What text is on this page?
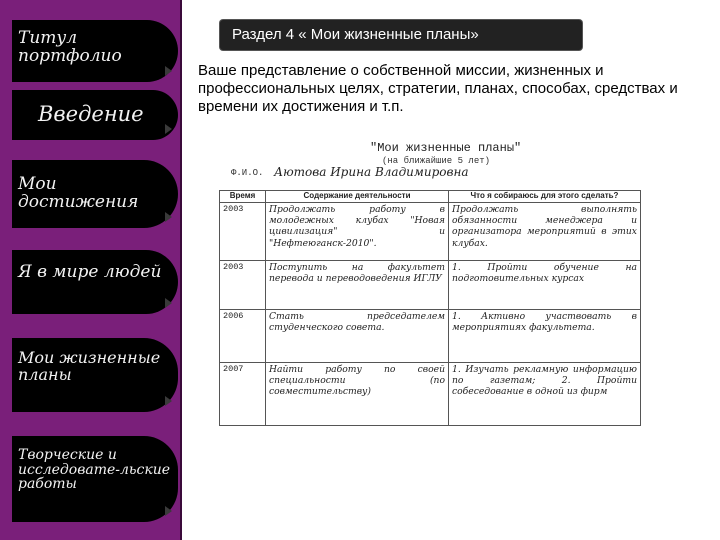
Титул портфолио
Введение
Мои достижения
Я в мире людей
Мои жизненные планы
Творческие и исследовате-льские работы
Раздел 4 « Мои жизненные планы»
Ваше представление о собственной миссии, жизненных и профессиональных целях, стратегии, планах, способах, средствах и времени их достижения и т.п.
"Мои жизненные планы"
(на ближайшие 5 лет)
Ф.И.О. Аютова Ирина Владимировна
Время	Содержание деятельности	Что я собираюсь для этого сделать?
2003	Продолжать работу в молодежных клубах "Новая цивилизация" и "Нефтеюганск-2010".	Продолжать выполнять обязанности менеджера и организатора мероприятий в этих клубах.
2003	Поступить на факультет перевода и переводоведения ИГЛУ	1. Пройти обучение на подготовительных курсах
2006	Стать председателем студенческого совета.	1. Активно участвовать в мероприятиях факультета.
2007	Найти работу по своей специальности (по совместительству)	1. Изучать рекламную информацию по газетам; 2. Пройти собеседование в одной из фирм
